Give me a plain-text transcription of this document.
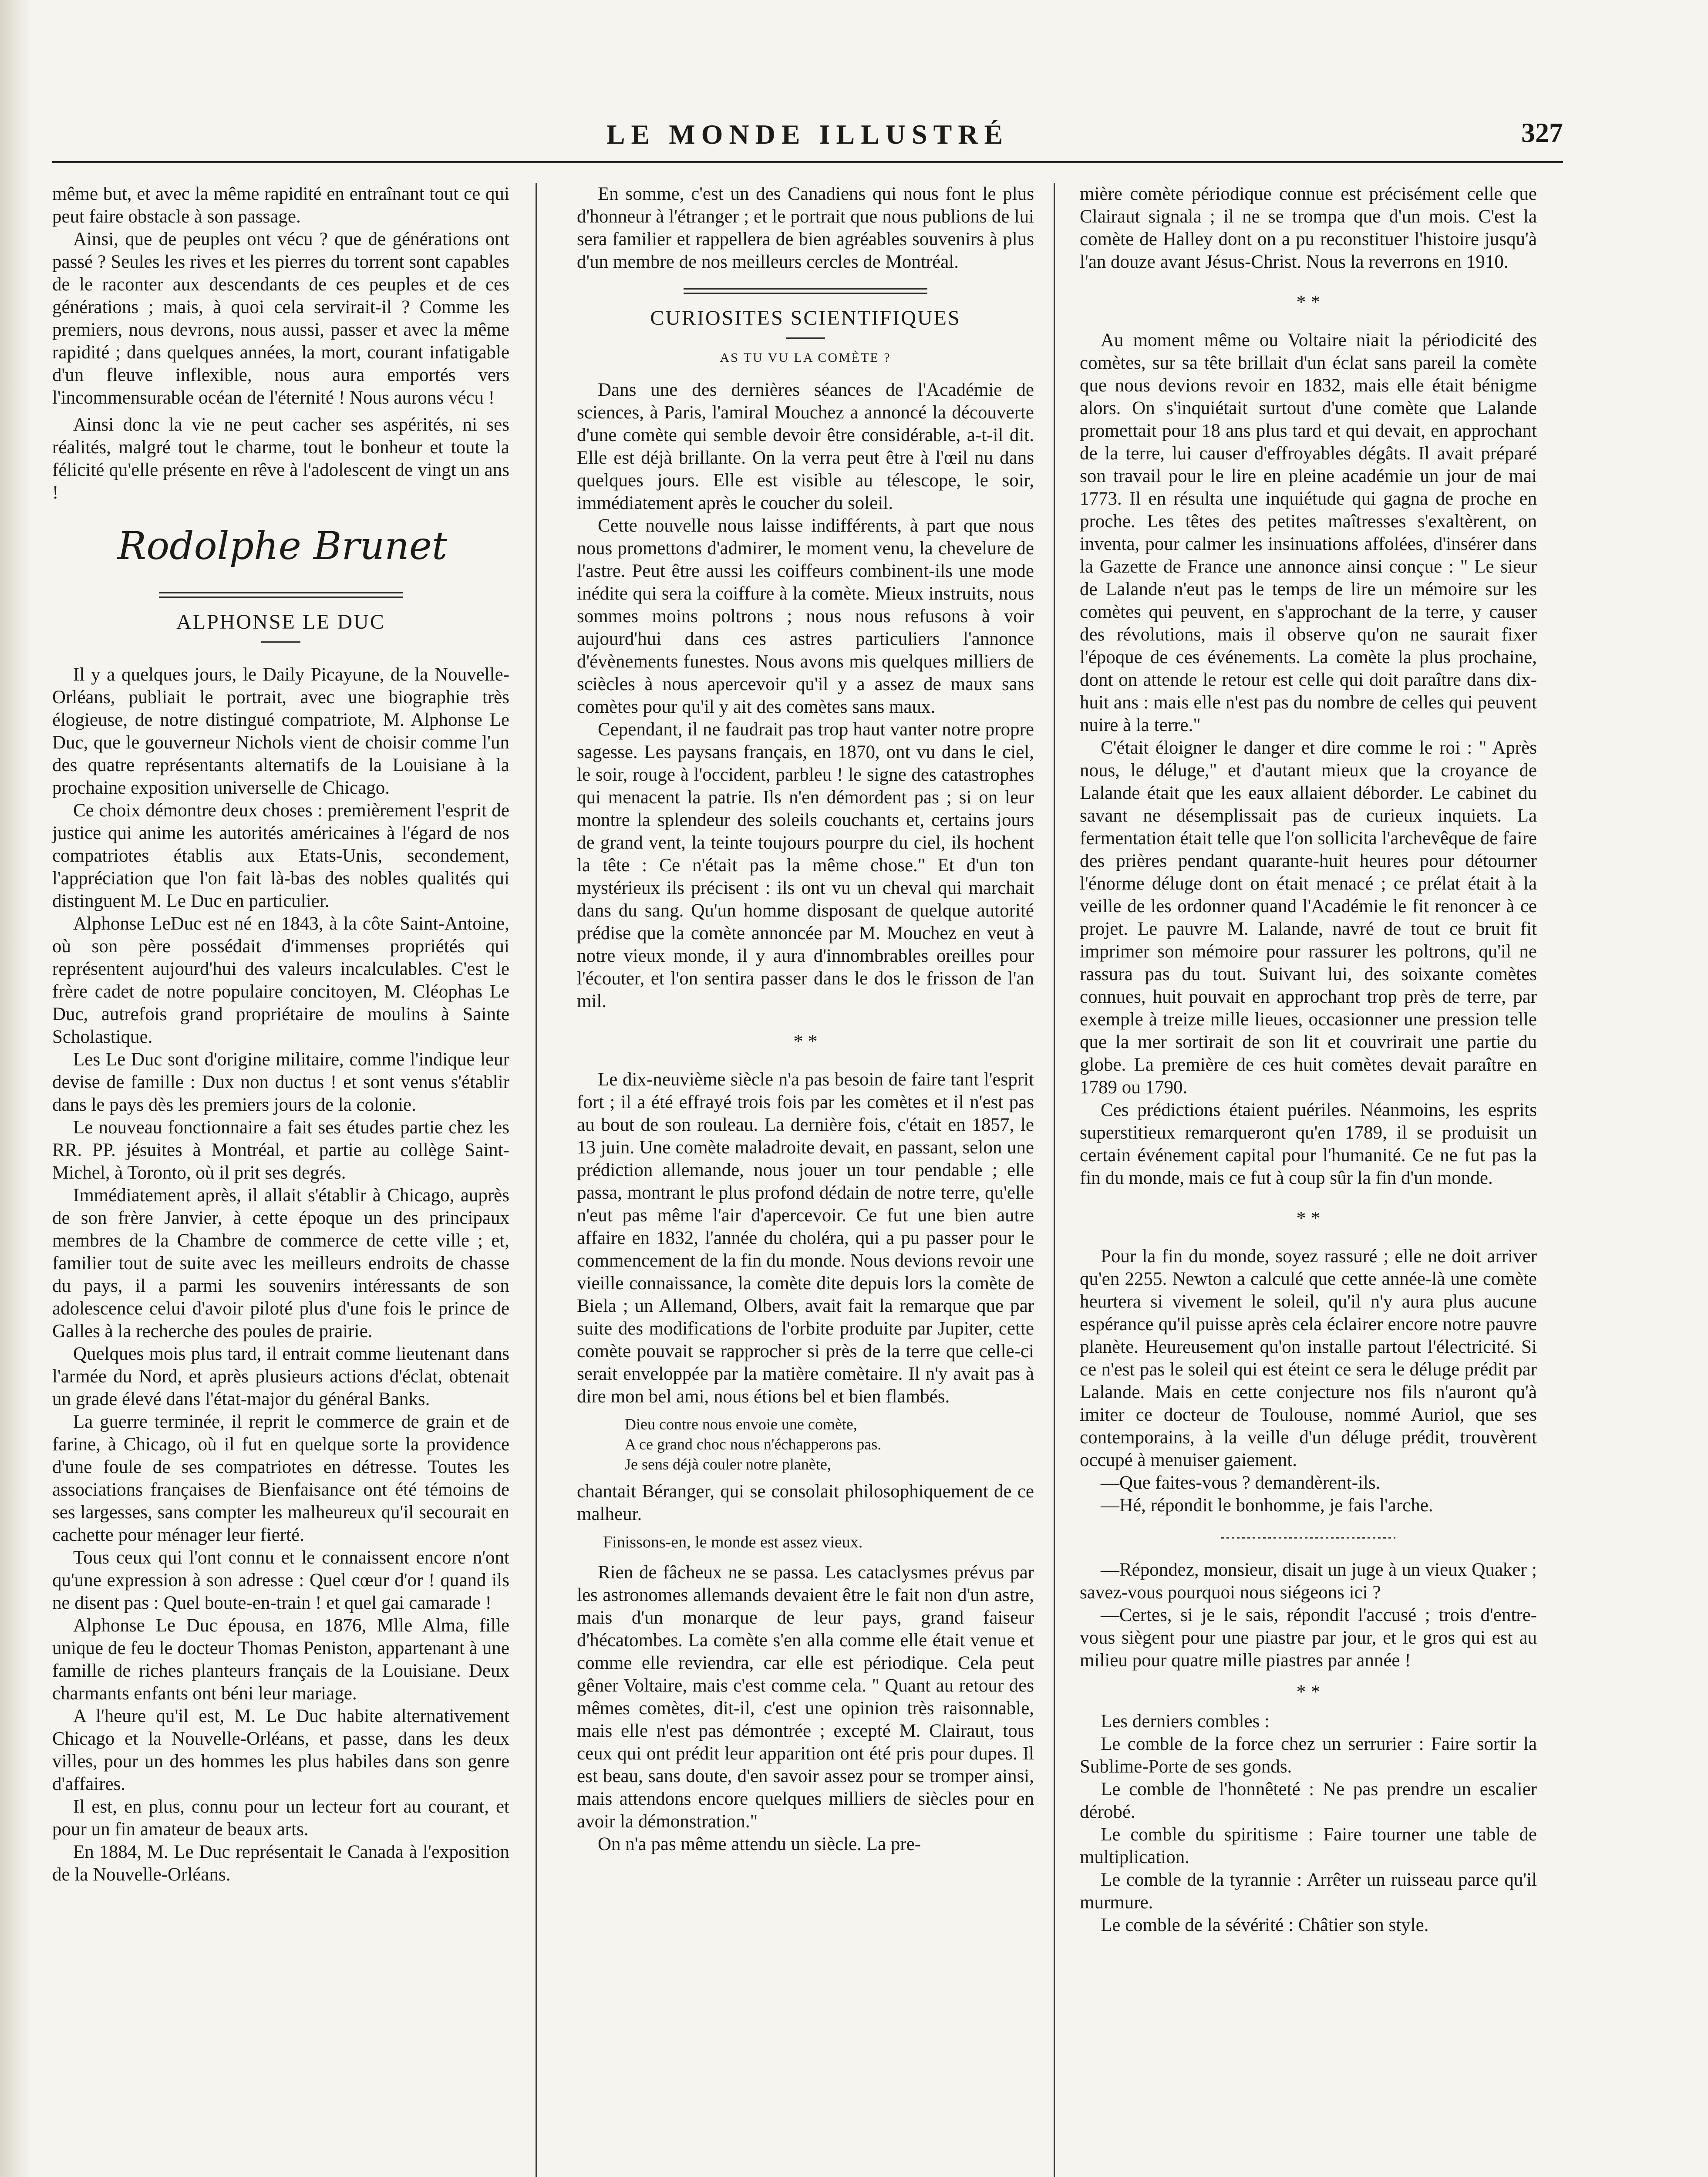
LE MONDE ILLUSTRÉ	327

même but, et avec la même rapidité en entraînant tout ce qui peut faire obstacle à son passage.

Ainsi, que de peuples ont vécu ? que de générations ont passé ? Seules les rives et les pierres du torrent sont capables de le raconter aux descendants de ces peuples et de ces générations ; mais, à quoi cela servirait-il ? Comme les premiers, nous devrons, nous aussi, passer et avec la même rapidité ; dans quelques années, la mort, courant infatigable d'un fleuve inflexible, nous aura emportés vers l'incommensurable océan de l'éternité ! Nous aurons vécu !

Ainsi donc la vie ne peut cacher ses aspérités, ni ses réalités, malgré tout le charme, tout le bonheur et toute la félicité qu'elle présente en rêve à l'adolescent de vingt un ans !

Rodolphe Brunet
ALPHONSE LE DUC

Il y a quelques jours, le Daily Picayune, de la Nouvelle-Orléans, publiait le portrait, avec une biographie très élogieuse, de notre distingué compatriote, M. Alphonse Le Duc, que le gouverneur Nichols vient de choisir comme l'un des quatre représentants alternatifs de la Louisiane à la prochaine exposition universelle de Chicago.

Ce choix démontre deux choses : premièrement l'esprit de justice qui anime les autorités américaines à l'égard de nos compatriotes établis aux Etats-Unis, secondement, l'appréciation que l'on fait là-bas des nobles qualités qui distinguent M. Le Duc en particulier.

Alphonse LeDuc est né en 1843, à la côte Saint-Antoine, où son père possédait d'immenses propriétés qui représentent aujourd'hui des valeurs incalculables. C'est le frère cadet de notre populaire concitoyen, M. Cléophas Le Duc, autrefois grand propriétaire de moulins à Sainte Scholastique.

Les Le Duc sont d'origine militaire, comme l'indique leur devise de famille : Dux non ductus ! et sont venus s'établir dans le pays dès les premiers jours de la colonie.

Le nouveau fonctionnaire a fait ses études partie chez les RR. PP. jésuites à Montréal, et partie au collège Saint-Michel, à Toronto, où il prit ses degrés.

Immédiatement après, il allait s'établir à Chicago, auprès de son frère Janvier, à cette époque un des principaux membres de la Chambre de commerce de cette ville ; et, familier tout de suite avec les meilleurs endroits de chasse du pays, il a parmi les souvenirs intéressants de son adolescence celui d'avoir piloté plus d'une fois le prince de Galles à la recherche des poules de prairie.

Quelques mois plus tard, il entrait comme lieutenant dans l'armée du Nord, et après plusieurs actions d'éclat, obtenait un grade élevé dans l'état-major du général Banks.

La guerre terminée, il reprit le commerce de grain et de farine, à Chicago, où il fut en quelque sorte la providence d'une foule de ses compatriotes en détresse. Toutes les associations françaises de Bienfaisance ont été témoins de ses largesses, sans compter les malheureux qu'il secourait en cachette pour ménager leur fierté.

Tous ceux qui l'ont connu et le connaissent encore n'ont qu'une expression à son adresse : Quel cœur d'or ! quand ils ne disent pas : Quel boute-en-train ! et quel gai camarade !

Alphonse Le Duc épousa, en 1876, Mlle Alma, fille unique de feu le docteur Thomas Peniston, appartenant à une famille de riches planteurs français de la Louisiane. Deux charmants enfants ont béni leur mariage.

A l'heure qu'il est, M. Le Duc habite alternativement Chicago et la Nouvelle-Orléans, et passe, dans les deux villes, pour un des hommes les plus habiles dans son genre d'affaires.

Il est, en plus, connu pour un lecteur fort au courant, et pour un fin amateur de beaux arts.

En 1884, M. Le Duc représentait le Canada à l'exposition de la Nouvelle-Orléans.

En somme, c'est un des Canadiens qui nous font le plus d'honneur à l'étranger ; et le portrait que nous publions de lui sera familier et rappellera de bien agréables souvenirs à plus d'un membre de nos meilleurs cercles de Montréal.

CURIOSITES SCIENTIFIQUES
AS TU VU LA COMÈTE ?

Dans une des dernières séances de l'Académie de sciences, à Paris, l'amiral Mouchez a annoncé la découverte d'une comète qui semble devoir être considérable, a-t-il dit. Elle est déjà brillante. On la verra peut être à l'œil nu dans quelques jours. Elle est visible au télescope, le soir, immédiatement après le coucher du soleil.

Cette nouvelle nous laisse indifférents, à part que nous nous promettons d'admirer, le moment venu, la chevelure de l'astre. Peut être aussi les coiffeurs combinent-ils une mode inédite qui sera la coiffure à la comète. Mieux instruits, nous sommes moins poltrons ; nous nous refusons à voir aujourd'hui dans ces astres particuliers l'annonce d'évènements funestes. Nous avons mis quelques milliers de sciècles à nous apercevoir qu'il y a assez de maux sans comètes pour qu'il y ait des comètes sans maux.

Cependant, il ne faudrait pas trop haut vanter notre propre sagesse. Les paysans français, en 1870, ont vu dans le ciel, le soir, rouge à l'occident, parbleu ! le signe des catastrophes qui menacent la patrie. Ils n'en démordent pas ; si on leur montre la splendeur des soleils couchants et, certains jours de grand vent, la teinte toujours pourpre du ciel, ils hochent la tête : Ce n'était pas la même chose." Et d'un ton mystérieux ils précisent : ils ont vu un cheval qui marchait dans du sang. Qu'un homme disposant de quelque autorité prédise que la comète annoncée par M. Mouchez en veut à notre vieux monde, il y aura d'innombrables oreilles pour l'écouter, et l'on sentira passer dans le dos le frisson de l'an mil.

* *

Le dix-neuvième siècle n'a pas besoin de faire tant l'esprit fort ; il a été effrayé trois fois par les comètes et il n'est pas au bout de son rouleau. La dernière fois, c'était en 1857, le 13 juin. Une comète maladroite devait, en passant, selon une prédiction allemande, nous jouer un tour pendable ; elle passa, montrant le plus profond dédain de notre terre, qu'elle n'eut pas même l'air d'apercevoir. Ce fut une bien autre affaire en 1832, l'année du choléra, qui a pu passer pour le commencement de la fin du monde. Nous devions revoir une vieille connaissance, la comète dite depuis lors la comète de Biela ; un Allemand, Olbers, avait fait la remarque que par suite des modifications de l'orbite produite par Jupiter, cette comète pouvait se rapprocher si près de la terre que celle-ci serait enveloppée par la matière comètaire. Il n'y avait pas à dire mon bel ami, nous étions bel et bien flambés.

Dieu contre nous envoie une comète,
A ce grand choc nous n'échapperons pas.
Je sens déjà couler notre planète,

chantait Béranger, qui se consolait philosophiquement de ce malheur.

Finissons-en, le monde est assez vieux.

Rien de fâcheux ne se passa. Les cataclysmes prévus par les astronomes allemands devaient être le fait non d'un astre, mais d'un monarque de leur pays, grand faiseur d'hécatombes. La comète s'en alla comme elle était venue et comme elle reviendra, car elle est périodique. Cela peut gêner Voltaire, mais c'est comme cela. " Quant au retour des mêmes comètes, dit-il, c'est une opinion très raisonnable, mais elle n'est pas démontrée ; excepté M. Clairaut, tous ceux qui ont prédit leur apparition ont été pris pour dupes. Il est beau, sans doute, d'en savoir assez pour se tromper ainsi, mais attendons encore quelques milliers de siècles pour en avoir la démonstration."

On n'a pas même attendu un siècle. La pre-

mière comète périodique connue est précisément celle que Clairaut signala ; il ne se trompa que d'un mois. C'est la comète de Halley dont on a pu reconstituer l'histoire jusqu'à l'an douze avant Jésus-Christ. Nous la reverrons en 1910.

* *

Au moment même ou Voltaire niait la périodicité des comètes, sur sa tête brillait d'un éclat sans pareil la comète que nous devions revoir en 1832, mais elle était bénigme alors. On s'inquiétait surtout d'une comète que Lalande promettait pour 18 ans plus tard et qui devait, en approchant de la terre, lui causer d'effroyables dégâts. Il avait préparé son travail pour le lire en pleine académie un jour de mai 1773. Il en résulta une inquiétude qui gagna de proche en proche. Les têtes des petites maîtresses s'exaltèrent, on inventa, pour calmer les insinuations affolées, d'insérer dans la Gazette de France une annonce ainsi conçue : " Le sieur de Lalande n'eut pas le temps de lire un mémoire sur les comètes qui peuvent, en s'approchant de la terre, y causer des révolutions, mais il observe qu'on ne saurait fixer l'époque de ces événements. La comète la plus prochaine, dont on attende le retour est celle qui doit paraître dans dix-huit ans : mais elle n'est pas du nombre de celles qui peuvent nuire à la terre."

C'était éloigner le danger et dire comme le roi : " Après nous, le déluge," et d'autant mieux que la croyance de Lalande était que les eaux allaient déborder. Le cabinet du savant ne désemplissait pas de curieux inquiets. La fermentation était telle que l'on sollicita l'archevêque de faire des prières pendant quarante-huit heures pour détourner l'énorme déluge dont on était menacé ; ce prélat était à la veille de les ordonner quand l'Académie le fit renoncer à ce projet. Le pauvre M. Lalande, navré de tout ce bruit fit imprimer son mémoire pour rassurer les poltrons, qu'il ne rassura pas du tout. Suivant lui, des soixante comètes connues, huit pouvait en approchant trop près de terre, par exemple à treize mille lieues, occasionner une pression telle que la mer sortirait de son lit et couvrirait une partie du globe. La première de ces huit comètes devait paraître en 1789 ou 1790.

Ces prédictions étaient puériles. Néanmoins, les esprits superstitieux remarqueront qu'en 1789, il se produisit un certain événement capital pour l'humanité. Ce ne fut pas la fin du monde, mais ce fut à coup sûr la fin d'un monde.

* *

Pour la fin du monde, soyez rassuré ; elle ne doit arriver qu'en 2255. Newton a calculé que cette année-là une comète heurtera si vivement le soleil, qu'il n'y aura plus aucune espérance qu'il puisse après cela éclairer encore notre pauvre planète. Heureusement qu'on installe partout l'électricité. Si ce n'est pas le soleil qui est éteint ce sera le déluge prédit par Lalande. Mais en cette conjecture nos fils n'auront qu'à imiter ce docteur de Toulouse, nommé Auriol, que ses contemporains, à la veille d'un déluge prédit, trouvèrent occupé à menuiser gaiement.

—Que faites-vous ? demandèrent-ils.

—Hé, répondit le bonhomme, je fais l'arche.

—Répondez, monsieur, disait un juge à un vieux Quaker ; savez-vous pourquoi nous siégeons ici ?

—Certes, si je le sais, répondit l'accusé ; trois d'entre-vous siègent pour une piastre par jour, et le gros qui est au milieu pour quatre mille piastres par année !

* *

Les derniers combles :

Le comble de la force chez un serrurier : Faire sortir la Sublime-Porte de ses gonds.

Le comble de l'honnêteté : Ne pas prendre un escalier dérobé.

Le comble du spiritisme : Faire tourner une table de multiplication.

Le comble de la tyrannie : Arrêter un ruisseau parce qu'il murmure.

Le comble de la sévérité : Châtier son style.
